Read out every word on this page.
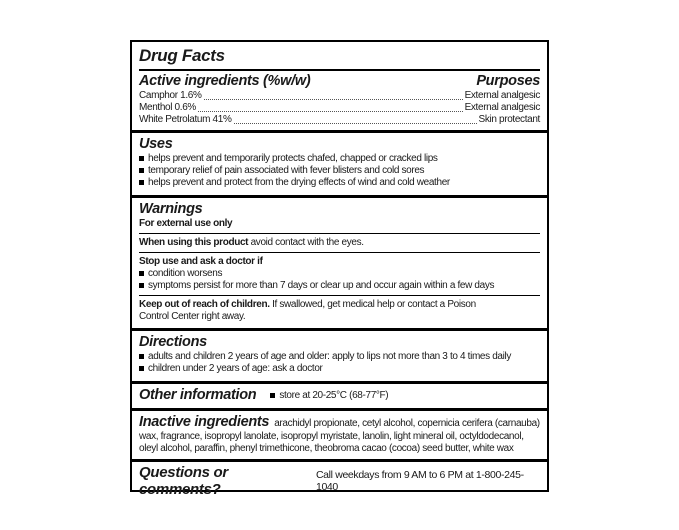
Drug Facts
Active ingredients (%w/w)	Purposes
Camphor 1.6%	External analgesic
Menthol 0.6%	External analgesic
White Petrolatum 41%	Skin protectant
Uses
helps prevent and temporarily protects chafed, chapped or cracked lips
temporary relief of pain associated with fever blisters and cold sores
helps prevent and protect from the drying effects of wind and cold weather
Warnings
For external use only
When using this product avoid contact with the eyes.
Stop use and ask a doctor if
condition worsens
symptoms persist for more than 7 days or clear up and occur again within a few days
Keep out of reach of children. If swallowed, get medical help or contact a Poison Control Center right away.
Directions
adults and children 2 years of age and older: apply to lips not more than 3 to 4 times daily
children under 2 years of age: ask a doctor
Other information store at 20-25°C (68-77°F)
Inactive ingredients arachidyl propionate, cetyl alcohol, copernicia cerifera (carnauba) wax, fragrance, isopropyl lanolate, isopropyl myristate, lanolin, light mineral oil, octyldodecanol, oleyl alcohol, paraffin, phenyl trimethicone, theobroma cacao (cocoa) seed butter, white wax
Questions or comments?
Call weekdays from 9 AM to 6 PM at 1-800-245-1040
